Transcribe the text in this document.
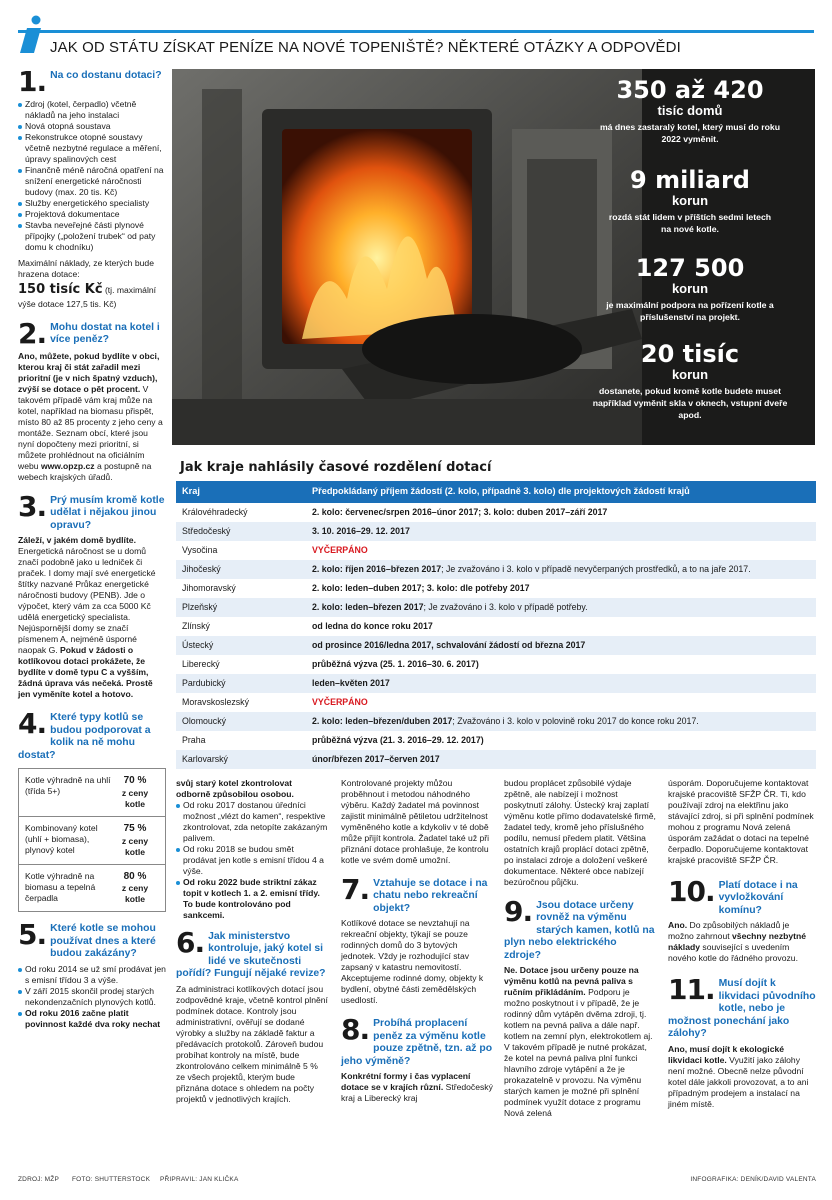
JAK OD STÁTU ZÍSKAT PENÍZE NA NOVÉ TOPENIŠTĚ? NĚKTERÉ OTÁZKY A ODPOVĚDI
1. Na co dostanu dotaci?
Zdroj (kotel, čerpadlo) včetně nákladů na jeho instalaci
Nová otopná soustava
Rekonstrukce otopné soustavy včetně nezbytné regulace a měření, úpravy spalinových cest
Finančně méně náročná opatření na snížení energetické náročnosti budovy (max. 20 tis. Kč)
Služby energetického specialisty
Projektová dokumentace
Stavba neveřejné části plynové přípojky („položení trubek“ od paty domu k chodníku)
Maximální náklady, ze kterých bude hrazena dotace:
150 tisíc Kč (tj. maximální výše dotace 127,5 tis. Kč)
2. Mohu dostat na kotel i více peněz?
Ano, můžete, pokud bydlíte v obci, kterou kraj či stát zařadil mezi prioritní (je v nich špatný vzduch), zvýší se dotace o pět procent. V takovém případě vám kraj může na kotel, například na biomasu přispět, místo 80 až 85 procenty z jeho ceny a montáže. Seznam obcí, které jsou nyní dopočteny mezi prioritní, si můžete prohlédnout na oficiálním webu www.opzp.cz a postupně na webech krajských úřadů.
3. Prý musím kromě kotle udělat i nějakou jinou opravu?
Záleží, v jakém domě bydlíte. Energetická náročnost se u domů značí podobně jako u ledniček či praček. I domy mají své energetické štítky nazvané Průkaz energetické náročnosti budovy (PENB). Jde o výpočet, který vám za cca 5000 Kč udělá energetický specialista. Nejúspornější domy se značí písmenem A, nejméně úsporné naopak G. Pokud v žádosti o kotlíkovou dotaci prokážete, že bydlíte v domě typu C a vyšším, žádná úprava vás nečeká. Prostě jen vyměníte kotel a hotovo.
4. Které typy kotlů se budou podporovat a kolik na ně mohu dostat?
Kotle výhradně na uhlí (třída 5+)
70 %
z ceny kotle
Kombinovaný kotel (uhlí + biomasa), plynový kotel
75 %
z ceny kotle
Kotle výhradně na biomasu a tepelná čerpadla
80 %
z ceny kotle
5. Které kotle se mohou používat dnes a které budou zakázány?
Od roku 2014 se už smí prodávat jen s emisní třídou 3 a výše.
V září 2015 skončil prodej starých nekondenzačních plynových kotlů.
Od roku 2016 začne platit povinnost každé dva roky nechat
350 až 420
tisíc domů
má dnes zastaralý kotel, který musí do roku 2022 vyměnit.
9 miliard
korun
rozdá stát lidem v příštích sedmi letech na nové kotle.
127 500
korun
je maximální podpora na pořízení kotle a příslušenství na projekt.
20 tisíc
korun
dostanete, pokud kromě kotle budete muset například vyměnit skla v oknech, vstupní dveře apod.
Jak kraje nahlásily časové rozdělení dotací
Kraj	Předpokládaný příjem žádostí (2. kolo, případně 3. kolo) dle projektových žádostí krajů
Královéhradecký	2. kolo: červenec/srpen 2016–únor 2017; 3. kolo: duben 2017–září 2017
Středočeský	3. 10. 2016–29. 12. 2017
Vysočina	VYČERPÁNO
Jihočeský	2. kolo: říjen 2016–březen 2017; Je zvažováno i 3. kolo v případě nevyčerpaných prostředků, a to na jaře 2017.
Jihomoravský	2. kolo: leden–duben 2017; 3. kolo: dle potřeby 2017
Plzeňský	2. kolo: leden–březen 2017; Je zvažováno i 3. kolo v případě potřeby.
Zlínský	od ledna do konce roku 2017
Ústecký	od prosince 2016/ledna 2017, schvalování žádostí od března 2017
Liberecký	průběžná výzva (25. 1. 2016–30. 6. 2017)
Pardubický	leden–květen 2017
Moravskoslezský	VYČERPÁNO
Olomoucký	2. kolo: leden–březen/duben 2017; Zvažováno i 3. kolo v polovině roku 2017 do konce roku 2017.
Praha	průběžná výzva (21. 3. 2016–29. 12. 2017)
Karlovarský	únor/březen 2017–červen 2017
svůj starý kotel zkontrolovat odborně způsobilou osobou.
Od roku 2017 dostanou úředníci možnost „vlézt do kamen“, respektive zkontrolovat, zda netopíte zakázaným palivem.
Od roku 2018 se budou smět prodávat jen kotle s emisní třídou 4 a výše.
Od roku 2022 bude striktní zákaz topit v kotlech 1. a 2. emisní třídy. To bude kontrolováno pod sankcemi.
6. Jak ministerstvo kontroluje, jaký kotel si lidé ve skutečnosti pořídí? Fungují nějaké revize?
Za administraci kotlíkových dotací jsou zodpovědné kraje, včetně kontrol plnění podmínek dotace. Kontroly jsou administrativní, ověřují se dodané výrobky a služby na základě faktur a předávacích protokolů. Zároveň budou probíhat kontroly na místě, bude zkontrolováno celkem minimálně 5 % ze všech projektů, kterým bude přiznána dotace s ohledem na počty projektů v jednotlivých krajích.
Kontrolované projekty můžou proběhnout i metodou náhodného výběru. Každý žadatel má povinnost zajistit minimálně pětiletou udržitelnost vyměněného kotle a kdykoliv v té době může přijít kontrola. Žadatel také už při přiznání dotace prohlašuje, že kontrolu kotle ve svém domě umožní.
7. Vztahuje se dotace i na chatu nebo rekreační objekt?
Kotlíkové dotace se nevztahují na rekreační objekty, týkají se pouze rodinných domů do 3 bytových jednotek. Vždy je rozhodující stav zapsaný v katastru nemovitostí. Akceptujeme rodinné domy, objekty k bydlení, obytné části zemědělských usedlostí.
8. Probíhá proplacení peněz za výměnu kotle pouze zpětně, tzn. až po jeho výměně?
Konkrétní formy i čas vyplacení dotace se v krajích různí. Středočeský kraj a Liberecký kraj
budou proplácet způsobilé výdaje zpětně, ale nabízejí i možnost poskytnutí zálohy. Ústecký kraj zaplatí výměnu kotle přímo dodavatelské firmě, žadatel tedy, kromě jeho příslušného podílu, nemusí předem platit. Většina ostatních krajů proplácí dotaci zpětně, po instalaci zdroje a doložení veškeré dokumentace. Některé obce nabízejí bezúročnou půjčku.
9. Jsou dotace určeny rovněž na výměnu starých kamen, kotlů na plyn nebo elektrického zdroje?
Ne. Dotace jsou určeny pouze na výměnu kotlů na pevná paliva s ručním přikládáním. Podporu je možno poskytnout i v případě, že je rodinný dům vytápěn dvěma zdroji, tj. kotlem na pevná paliva a dále např. kotlem na zemní plyn, elektrokotlem aj. V takovém případě je nutné prokázat, že kotel na pevná paliva plní funkci hlavního zdroje vytápění a že je prokazatelně v provozu. Na výměnu starých kamen je možné při splnění podmínek využít dotace z programu Nová zelená
úsporám. Doporučujeme kontaktovat krajské pracoviště SFŽP ČR. Ti, kdo používají zdroj na elektřinu jako stávající zdroj, si při splnění podmínek mohou z programu Nová zelená úsporám zažádat o dotaci na tepelné čerpadlo. Doporučujeme kontaktovat krajské pracoviště SFŽP ČR.
10. Platí dotace i na vyvložkování komínu?
Ano. Do způsobilých nákladů je možno zahrnout všechny nezbytné náklady související s uvedením nového kotle do řádného provozu.
11. Musí dojít k likvidaci původního kotle, nebo je možnost ponechání jako zálohy?
Ano, musí dojít k ekologické likvidaci kotle. Využití jako zálohy není možné. Obecně nelze původní kotel dále jakkoli provozovat, a to ani případným prodejem a instalací na jiném místě.
ZDROJ: MŽP FOTO: SHUTTERSTOCK PŘIPRAVIL: JAN KLIČKA	INFOGRAFIKA: DENÍK/DAVID VALENTA
